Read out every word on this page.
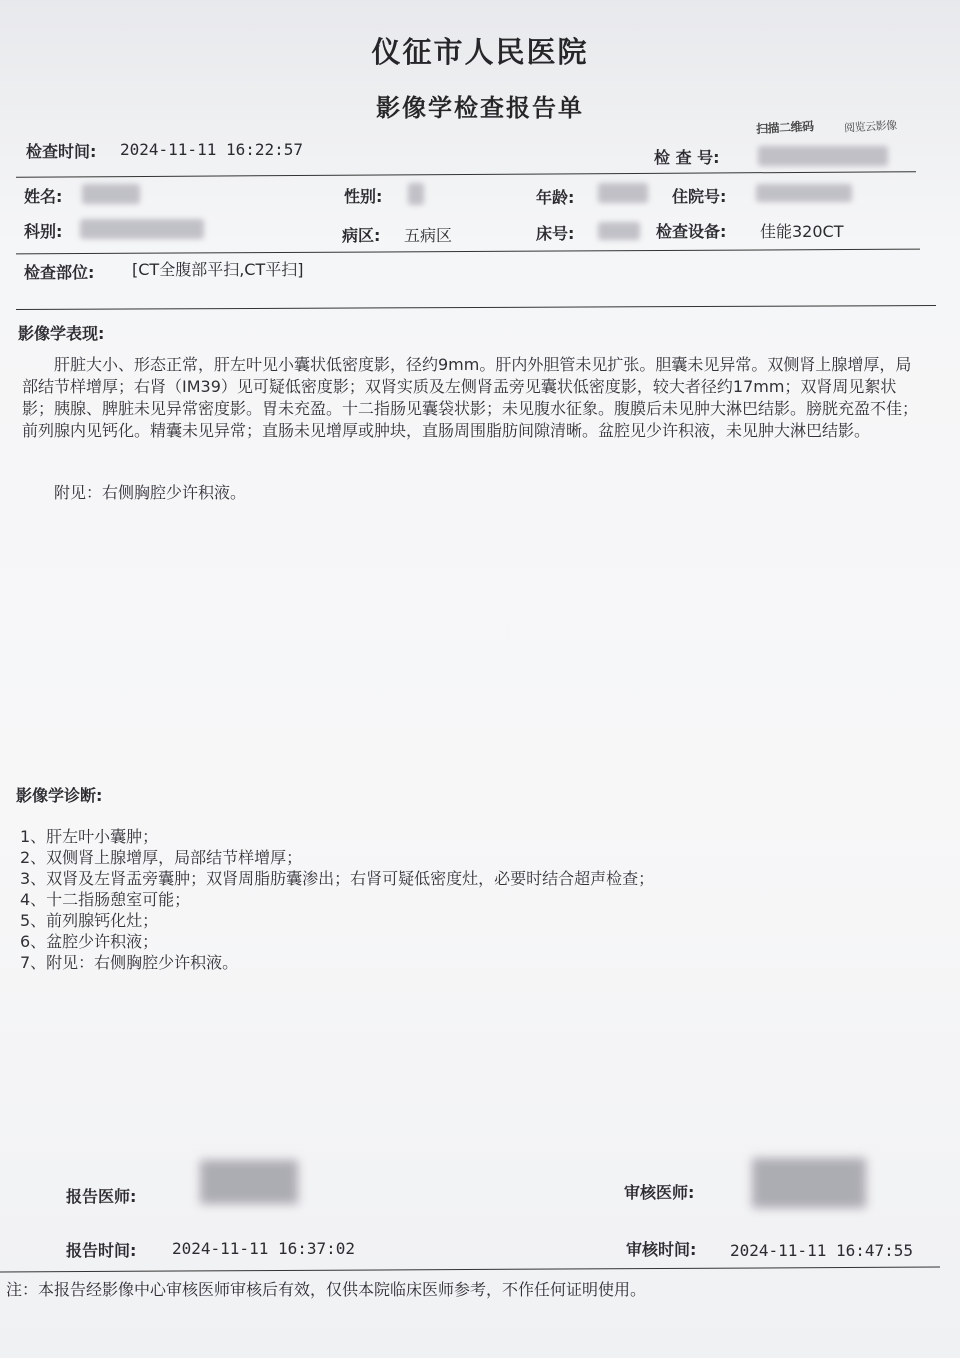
仪征市人民医院
影像学检查报告单
扫描二维码	阅览云影像
检查时间: 2024-11-11 16:22:57	检 查 号:
姓名:	性别:	年龄:	住院号:
科别:	病区: 五病区	床号:	检查设备: 佳能320CT
检查部位: [CT全腹部平扫,CT平扫]
影像学表现:
肝脏大小、形态正常，肝左叶见小囊状低密度影，径约9mm。肝内外胆管未见扩张。胆囊未见异常。双侧肾上腺增厚，局部结节样增厚；右肾（IM39）见可疑低密度影；双肾实质及左侧肾盂旁见囊状低密度影，较大者径约17mm；双肾周见絮状影；胰腺、脾脏未见异常密度影。胃未充盈。十二指肠见囊袋状影；未见腹水征象。腹膜后未见肿大淋巴结影。膀胱充盈不佳；前列腺内见钙化。精囊未见异常；直肠未见增厚或肿块，直肠周围脂肪间隙清晰。盆腔见少许积液，未见肿大淋巴结影。
附见：右侧胸腔少许积液。
影像学诊断:
1、肝左叶小囊肿；
2、双侧肾上腺增厚，局部结节样增厚；
3、双肾及左肾盂旁囊肿；双肾周脂肪囊渗出；右肾可疑低密度灶，必要时结合超声检查；
4、十二指肠憩室可能；
5、前列腺钙化灶；
6、盆腔少许积液；
7、附见：右侧胸腔少许积液。
报告医师:	审核医师:
报告时间: 2024-11-11 16:37:02	审核时间: 2024-11-11 16:47:55
注：本报告经影像中心审核医师审核后有效，仅供本院临床医师参考，不作任何证明使用。
